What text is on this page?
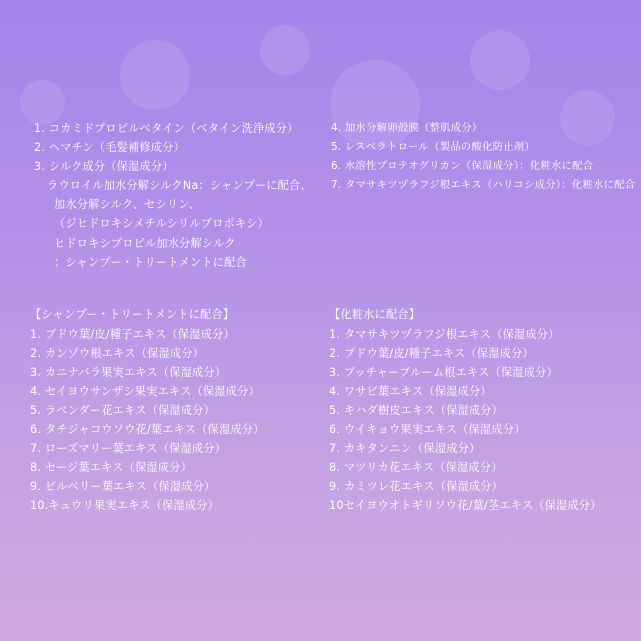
1. コカミドプロピルベタイン（ベタイン洗浄成分）
2. ヘマチン（毛髪補修成分）
3. シルク成分（保湿成分）
ラウロイル加水分解シルクNa：シャンプーに配合、
加水分解シルク、セシリン、
（ジヒドロキシメチルシリルプロポキシ）
ヒドロキシプロピル加水分解シルク
：シャンプー・トリートメントに配合
4. 加水分解卵殻膜（整肌成分）
5. レスベラトロール（製品の酸化防止剤）
6. 水溶性プロテオグリカン（保湿成分）：化粧水に配合
7. タマサキツヅラフジ根エキス（ハリコシ成分）：化粧水に配合
【シャンプー・トリートメントに配合】
1. ブドウ葉/皮/種子エキス（保湿成分）
2. カンゾウ根エキス（保湿成分）
3. カニナバラ果実エキス（保湿成分）
4. セイヨウサンザシ果実エキス（保湿成分）
5. ラベンダー花エキス（保湿成分）
6. タチジャコウソウ花/葉エキス（保湿成分）
7. ローズマリー葉エキス（保湿成分）
8. セージ葉エキス（保湿成分）
9. ビルベリー葉エキス（保湿成分）
10.キュウリ果実エキス（保湿成分）
【化粧水に配合】
1. タマサキツヅラフジ根エキス（保湿成分）
2. ブドウ葉/皮/種子エキス（保湿成分）
3. ブッチャーブルーム根エキス（保湿成分）
4. ワサビ葉エキス（保湿成分）
5. キハダ樹皮エキス（保湿成分）
6. ウイキョウ果実エキス（保湿成分）
7. カキタンニン（保湿成分）
8. マツリカ花エキス（保湿成分）
9. カミツレ花エキス（保湿成分）
10セイヨウオトギリソウ花/葉/茎エキス（保湿成分）
